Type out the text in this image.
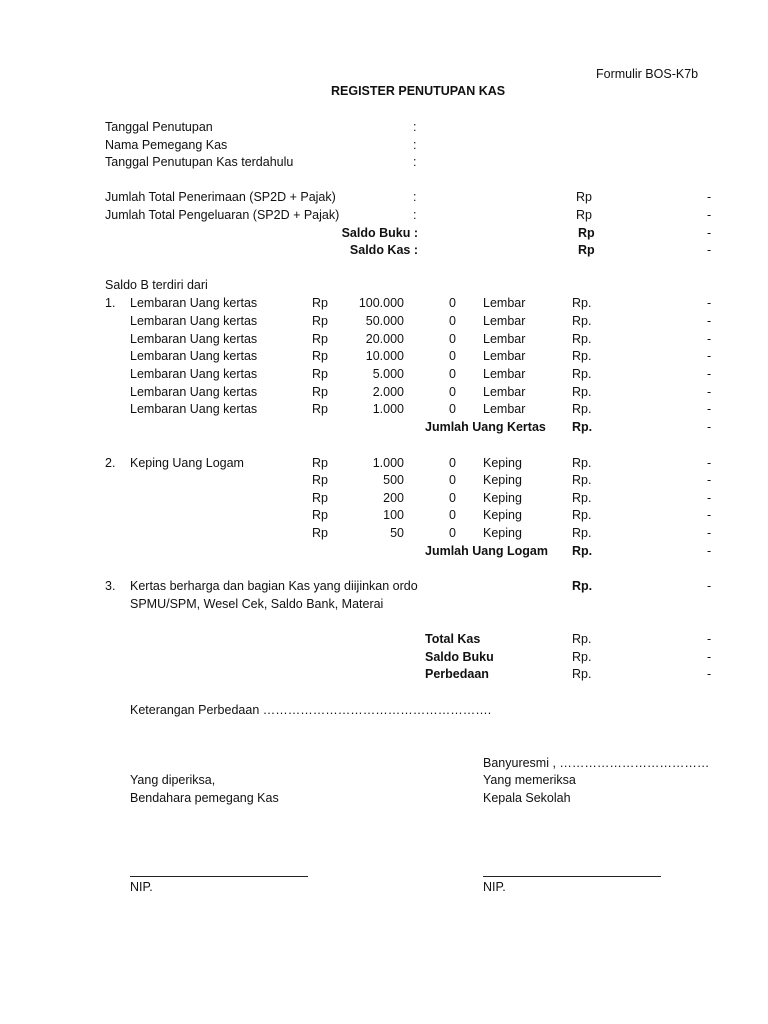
Formulir BOS-K7b
REGISTER PENUTUPAN KAS
Tanggal Penutupan	:
Nama Pemegang Kas	:
Tanggal Penutupan Kas terdahulu	:
Jumlah Total Penerimaan (SP2D + Pajak)	:	Rp	-
Jumlah Total Pengeluaran (SP2D + Pajak)	:	Rp	-
Saldo Buku :	Rp	-
Saldo Kas :	Rp	-
Saldo B terdiri dari
1. Lembaran Uang kertas	Rp	100.000	0 Lembar	Rp.	-
Lembaran Uang kertas	Rp	50.000	0 Lembar	Rp.	-
Lembaran Uang kertas	Rp	20.000	0 Lembar	Rp.	-
Lembaran Uang kertas	Rp	10.000	0 Lembar	Rp.	-
Lembaran Uang kertas	Rp	5.000	0 Lembar	Rp.	-
Lembaran Uang kertas	Rp	2.000	0 Lembar	Rp.	-
Lembaran Uang kertas	Rp	1.000	0 Lembar	Rp.	-
Jumlah Uang Kertas Rp.	-
2. Keping Uang Logam	Rp	1.000	0 Keping	Rp.	-
Rp	500	0 Keping	Rp.	-
Rp	200	0 Keping	Rp.	-
Rp	100	0 Keping	Rp.	-
Rp	50	0 Keping	Rp.	-
Jumlah Uang Logam Rp.	-
3. Kertas berharga dan bagian Kas yang diijinkan ordo	Rp.	-
SPMU/SPM, Wesel Cek, Saldo Bank, Materai
Total Kas	Rp.	-
Saldo Buku	Rp.	-
Perbedaan	Rp.	-
Keterangan Perbedaan ……………………………………………….
Banyuresmi , ………………………………
Yang diperiksa,
Bendahara pemegang Kas
Yang memeriksa
Kepala Sekolah
NIP.	NIP.
